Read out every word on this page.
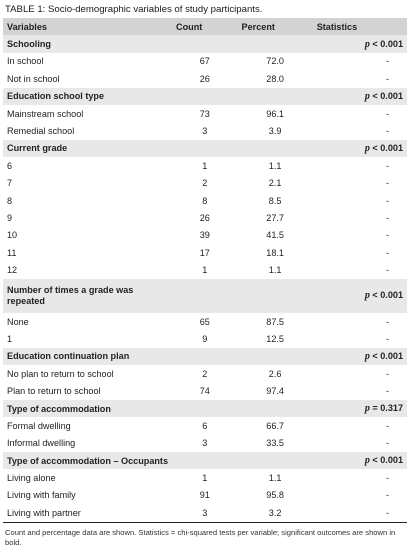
TABLE 1: Socio-demographic variables of study participants.
Variables	Count	Percent	Statistics
Schooling			p < 0.001
In school	67	72.0	-
Not in school	26	28.0	-
Education school type			p < 0.001
Mainstream school	73	96.1	-
Remedial school	3	3.9	-
Current grade			p < 0.001
6	1	1.1	-
7	2	2.1	-
8	8	8.5	-
9	26	27.7	-
10	39	41.5	-
11	17	18.1	-
12	1	1.1	-
Number of times a grade was repeated			p < 0.001
None	65	87.5	-
1	9	12.5	-
Education continuation plan			p < 0.001
No plan to return to school	2	2.6	-
Plan to return to school	74	97.4	-
Type of accommodation			p = 0.317
Formal dwelling	6	66.7	-
Informal dwelling	3	33.5	-
Type of accommodation – Occupants			p < 0.001
Living alone	1	1.1	-
Living with family	91	95.8	-
Living with partner	3	3.2	-
Count and percentage data are shown. Statistics = chi-squared tests per variable; significant outcomes are shown in bold.
